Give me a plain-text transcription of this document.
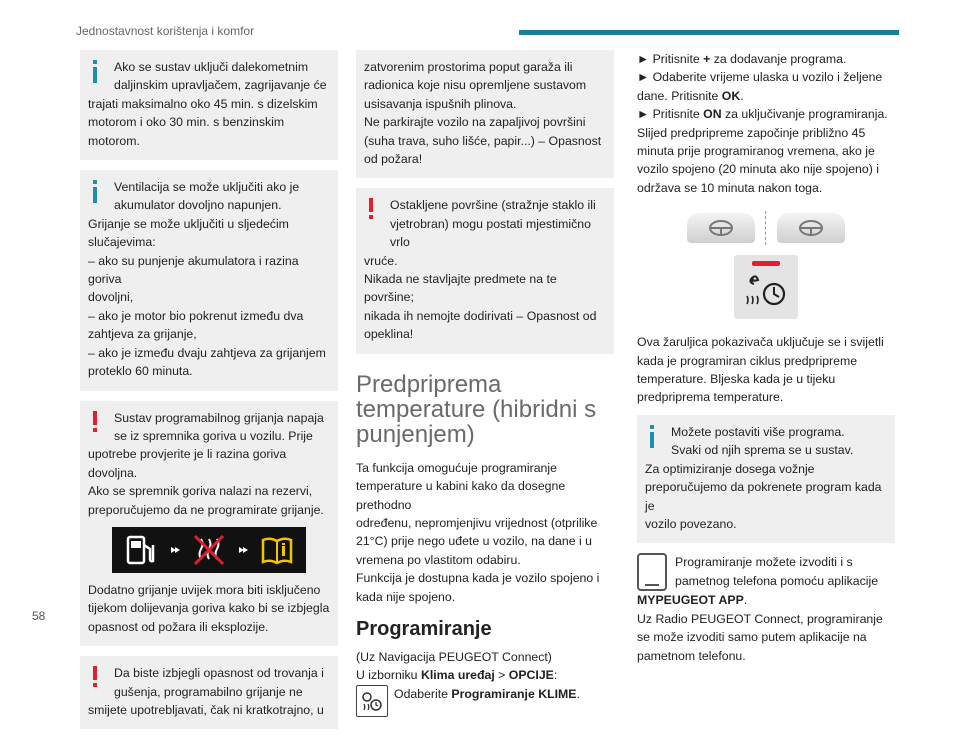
Jednostavnost korištenja i komfor
58

Ako se sustav uključi dalekometnim

daljinskim upravljačem, zagrijavanje će

trajati maksimalno oko 45 min. s dizelskim

motorom i oko 30 min. s benzinskim

motorom.

Ventilacija se može uključiti ako je

akumulator dovoljno napunjen.

Grijanje se može uključiti u sljedećim

slučajevima:

– ako su punjenje akumulatora i razina goriva

dovoljni,

– ako je motor bio pokrenut između dva

zahtjeva za grijanje,

– ako je između dvaju zahtjeva za grijanjem

proteklo 60 minuta.

Sustav programabilnog grijanja napaja

se iz spremnika goriva u vozilu. Prije

upotrebe provjerite je li razina goriva dovoljna.

Ako se spremnik goriva nalazi na rezervi,

preporučujemo da ne programirate grijanje.

Dodatno grijanje uvijek mora biti isključeno

tijekom dolijevanja goriva kako bi se izbjegla

opasnost od požara ili eksplozije.

Da biste izbjegli opasnost od trovanja i

gušenja, programabilno grijanje ne

smijete upotrebljavati, čak ni kratkotrajno, u

zatvorenim prostorima poput garaža ili

radionica koje nisu opremljene sustavom

usisavanja ispušnih plinova.

Ne parkirajte vozilo na zapaljivoj površini

(suha trava, suho lišće, papir...) – Opasnost

od požara!

Ostakljene površine (stražnje staklo ili

vjetrobran) mogu postati mjestimično vrlo

vruće.

Nikada ne stavljajte predmete na te površine;

nikada ih nemojte dodirivati – Opasnost od

opeklina!

Predpriprema temperature (hibridni s punjenjem)

Ta funkcija omogućuje programiranje

temperature u kabini kako da dosegne prethodno

određenu, nepromjenjivu vrijednost (otprilike

21°C) prije nego uđete u vozilo, na dane i u

vremena po vlastitom odabiru.

Funkcija je dostupna kada je vozilo spojeno i

kada nije spojeno.

Programiranje

(Uz Navigacija PEUGEOT Connect)

U izborniku Klima uređaj > OPCIJE:

Odaberite Programiranje KLIME.

► Pritisnite + za dodavanje programa.

► Odaberite vrijeme ulaska u vozilo i željene

dane. Pritisnite OK.

► Pritisnite ON za uključivanje programiranja.

Slijed predpripreme započinje približno 45

minuta prije programiranog vremena, ako je

vozilo spojeno (20 minuta ako nije spojeno) i

održava se 10 minuta nakon toga.

Ova žaruljica pokazivača uključuje se i svijetli

kada je programiran ciklus predpripreme

temperature. Bljeska kada je u tijeku

predpriprema temperature.

Možete postaviti više programa.

Svaki od njih sprema se u sustav.

Za optimiziranje dosega vožnje

preporučujemo da pokrenete program kada je

vozilo povezano.

Programiranje možete izvoditi i s

pametnog telefona pomoću aplikacije

MYPEUGEOT APP.

Uz Radio PEUGEOT Connect, programiranje

se može izvoditi samo putem aplikacije na

pametnom telefonu.
